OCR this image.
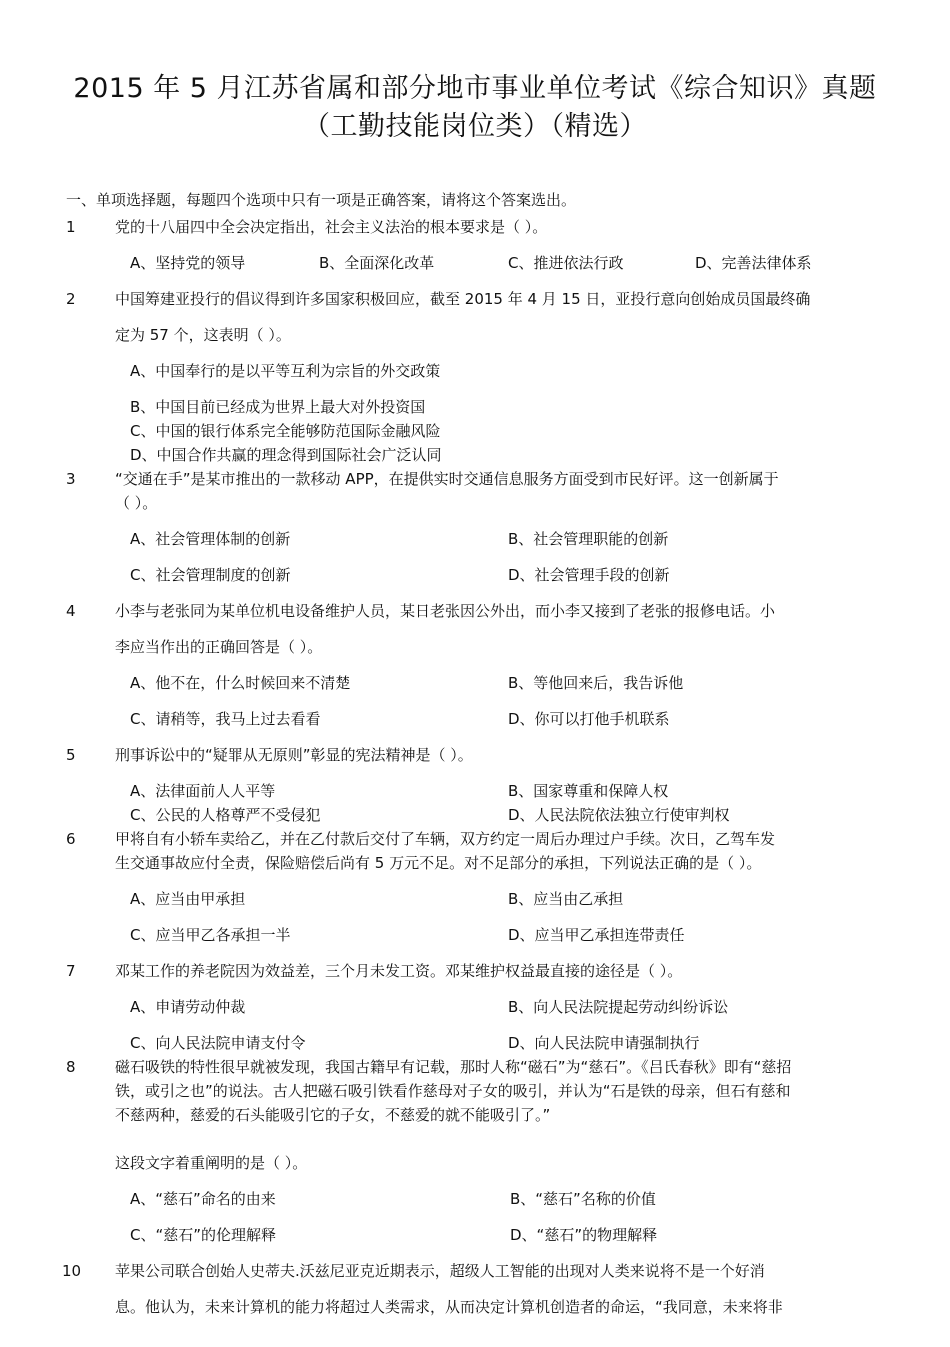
2015 年 5 月江苏省属和部分地市事业单位考试《综合知识》真题
（工勤技能岗位类）（精选）
一、单项选择题，每题四个选项中只有一项是正确答案，请将这个答案选出。
1	党的十八届四中全会决定指出，社会主义法治的根本要求是（ ）。
A、坚持党的领导	B、全面深化改革	C、推进依法行政	D、完善法律体系
2	中国筹建亚投行的倡议得到许多国家积极回应，截至 2015 年 4 月 15 日，亚投行意向创始成员国最终确
定为 57 个，这表明（ ）。
A、中国奉行的是以平等互利为宗旨的外交政策
B、中国目前已经成为世界上最大对外投资国
C、中国的银行体系完全能够防范国际金融风险
D、中国合作共赢的理念得到国际社会广泛认同
3	“交通在手”是某市推出的一款移动 APP，在提供实时交通信息服务方面受到市民好评。这一创新属于
（ ）。
A、社会管理体制的创新	B、社会管理职能的创新
C、社会管理制度的创新	D、社会管理手段的创新
4	小李与老张同为某单位机电设备维护人员，某日老张因公外出，而小李又接到了老张的报修电话。小
李应当作出的正确回答是（ ）。
A、他不在，什么时候回来不清楚	B、等他回来后，我告诉他
C、请稍等，我马上过去看看	D、你可以打他手机联系
5	刑事诉讼中的“疑罪从无原则”彰显的宪法精神是（ ）。
A、法律面前人人平等	B、国家尊重和保障人权
C、公民的人格尊严不受侵犯	D、人民法院依法独立行使审判权
6	甲将自有小轿车卖给乙，并在乙付款后交付了车辆，双方约定一周后办理过户手续。次日，乙驾车发
生交通事故应付全责，保险赔偿后尚有 5 万元不足。对不足部分的承担，下列说法正确的是（ ）。
A、应当由甲承担	B、应当由乙承担
C、应当甲乙各承担一半	D、应当甲乙承担连带责任
7	邓某工作的养老院因为效益差，三个月未发工资。邓某维护权益最直接的途径是（ ）。
A、申请劳动仲裁	B、向人民法院提起劳动纠纷诉讼
C、向人民法院申请支付令	D、向人民法院申请强制执行
8	磁石吸铁的特性很早就被发现，我国古籍早有记载，那时人称“磁石”为“慈石”。《吕氏春秋》即有“慈招
铁，或引之也”的说法。古人把磁石吸引铁看作慈母对子女的吸引，并认为“石是铁的母亲，但石有慈和
不慈两种，慈爱的石头能吸引它的子女，不慈爱的就不能吸引了。”
这段文字着重阐明的是（ ）。
A、“慈石”命名的由来	B、“慈石”名称的价值
C、“慈石”的伦理解释	D、“慈石”的物理解释
10 苹果公司联合创始人史蒂夫.沃兹尼亚克近期表示，超级人工智能的出现对人类来说将不是一个好消
息。他认为，未来计算机的能力将超过人类需求，从而决定计算机创造者的命运，“我同意，未来将非
